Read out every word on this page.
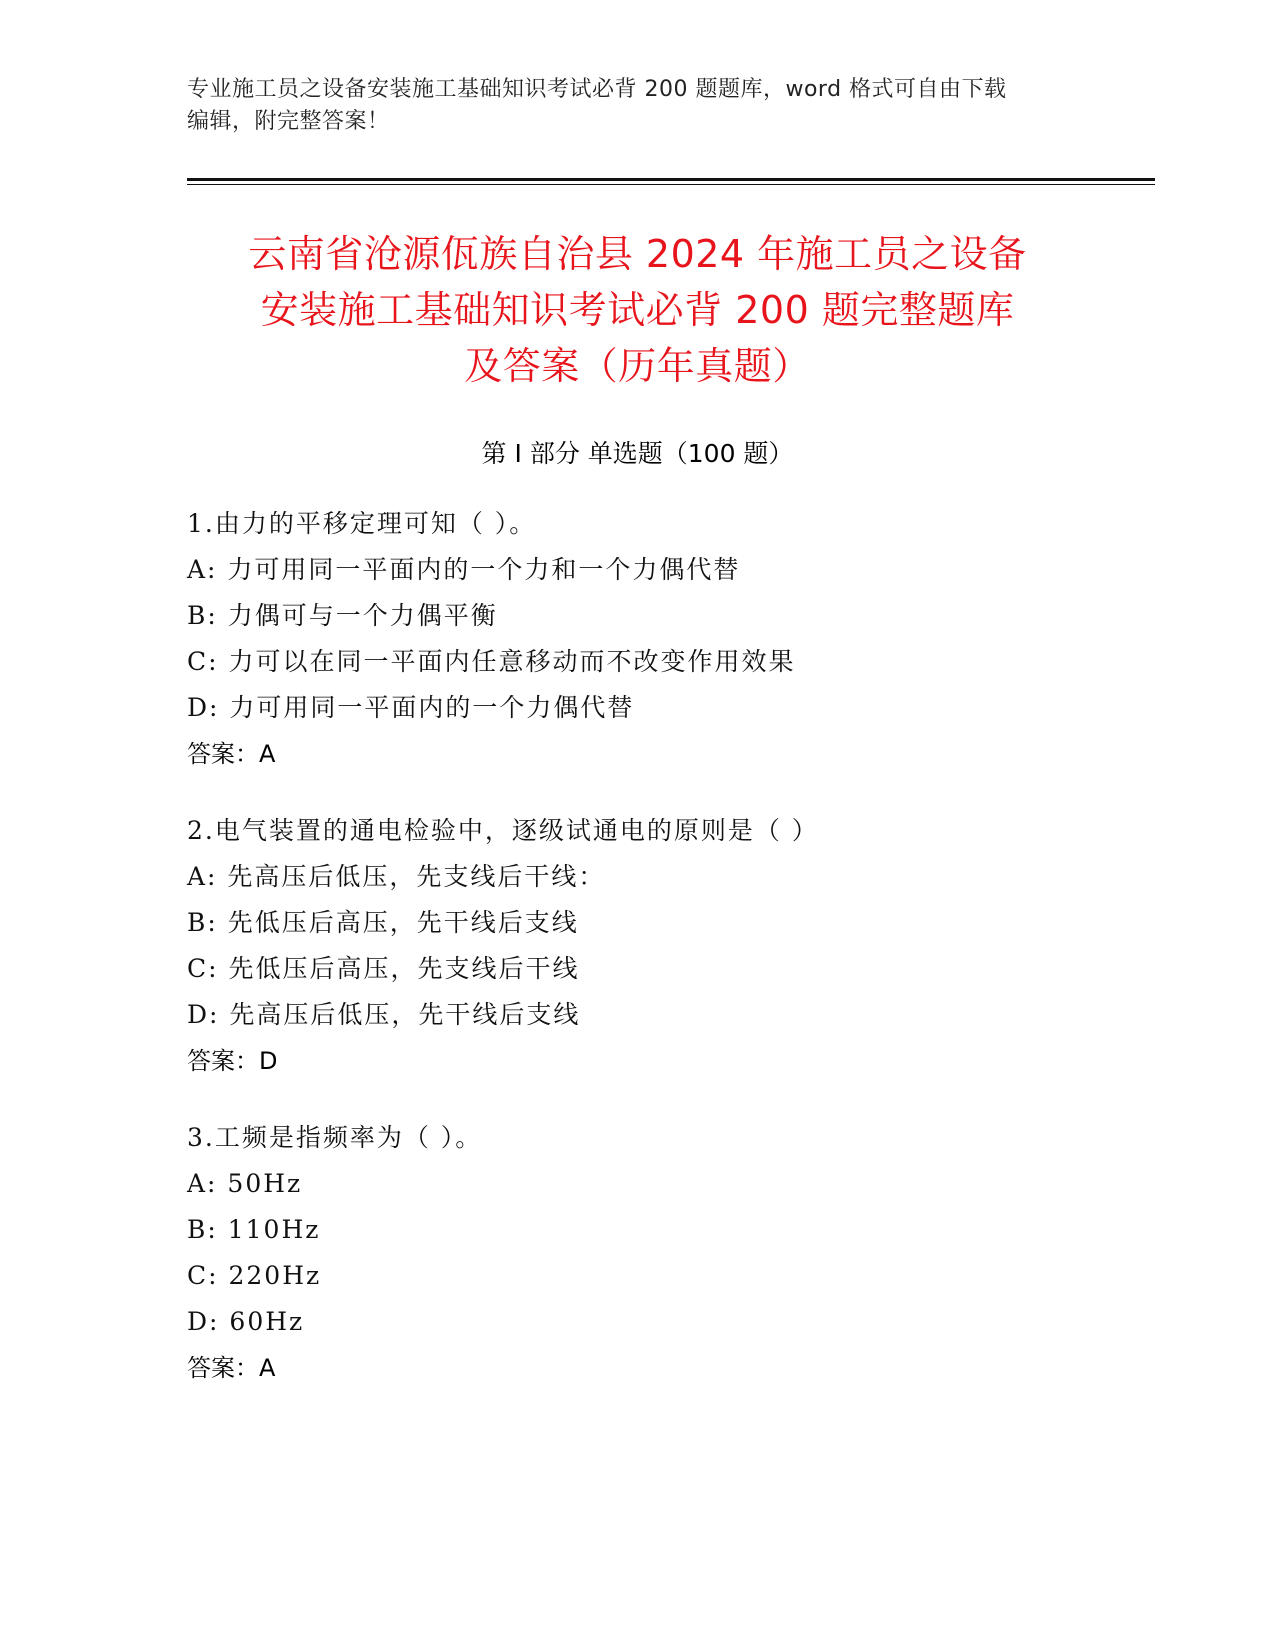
专业施工员之设备安装施工基础知识考试必背 200 题题库，word 格式可自由下载
编辑，附完整答案！
云南省沧源佤族自治县 2024 年施工员之设备
安装施工基础知识考试必背 200 题完整题库
及答案（历年真题）
第 I 部分 单选题（100 题）
1.由力的平移定理可知（ ）。
A: 力可用同一平面内的一个力和一个力偶代替
B: 力偶可与一个力偶平衡
C: 力可以在同一平面内任意移动而不改变作用效果
D: 力可用同一平面内的一个力偶代替
答案：A
2.电气装置的通电检验中，逐级试通电的原则是（ ）
A: 先高压后低压，先支线后干线：
B: 先低压后高压，先干线后支线
C: 先低压后高压，先支线后干线
D: 先高压后低压，先干线后支线
答案：D
3.工频是指频率为（ ）。
A: 50Hz
B: 110Hz
C: 220Hz
D: 60Hz
答案：A
